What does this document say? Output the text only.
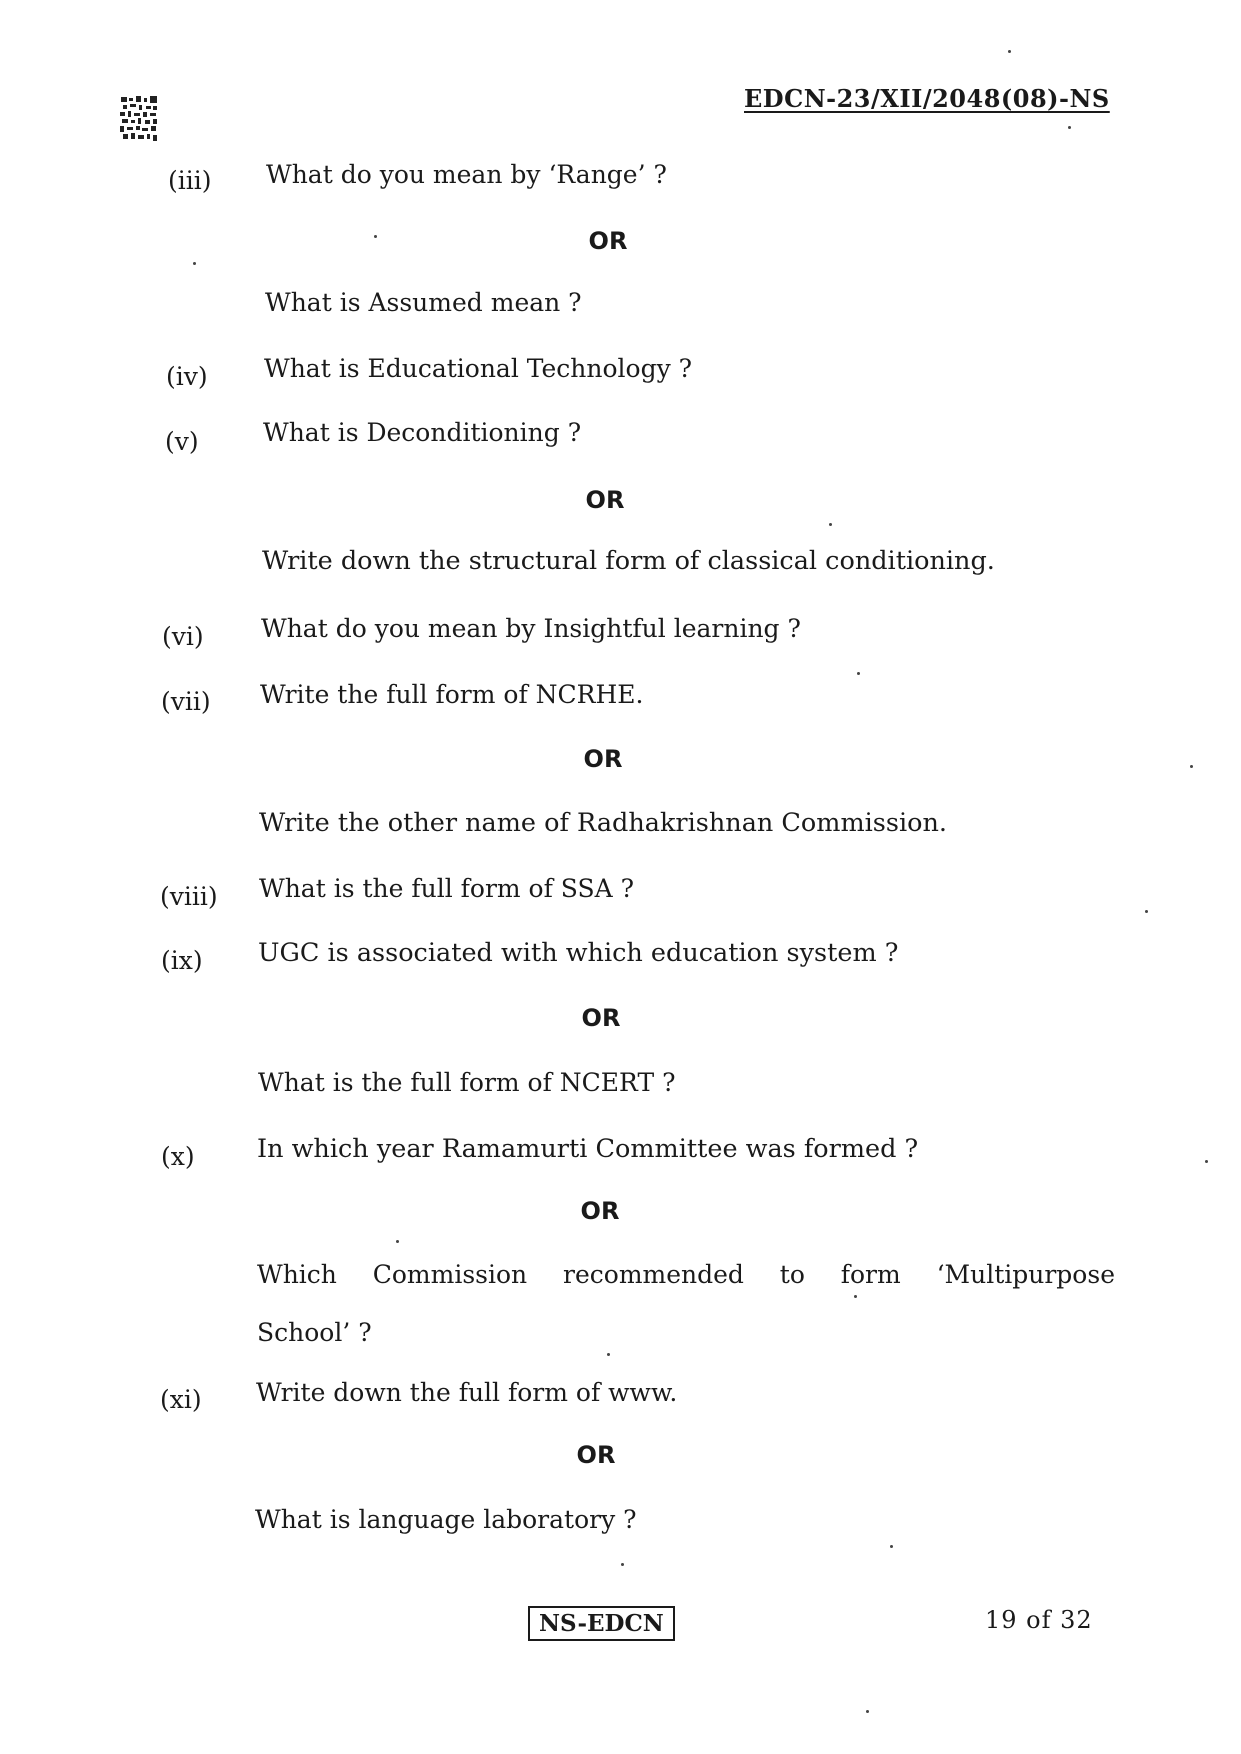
EDCN-23/XII/2048(08)-NS
(iii) What do you mean by ‘Range’ ?
OR
What is Assumed mean ?
(iv) What is Educational Technology ?
(v)	What is Deconditioning ?
OR
Write down the structural form of classical conditioning.
(vi) What do you mean by Insightful learning ?
(vii) Write the full form of NCRHE.
OR
Write the other name of Radhakrishnan Commission.
(viii) What is the full form of SSA ?
(ix) UGC is associated with which education system ?
OR
What is the full form of NCERT ?
(x) In which year Ramamurti Committee was formed ?
OR
Which Commission recommended to form ‘Multipurpose
School’ ?
(xi) Write down the full form of www.
OR
What is language laboratory ?
NS-EDCN	19 of 32
